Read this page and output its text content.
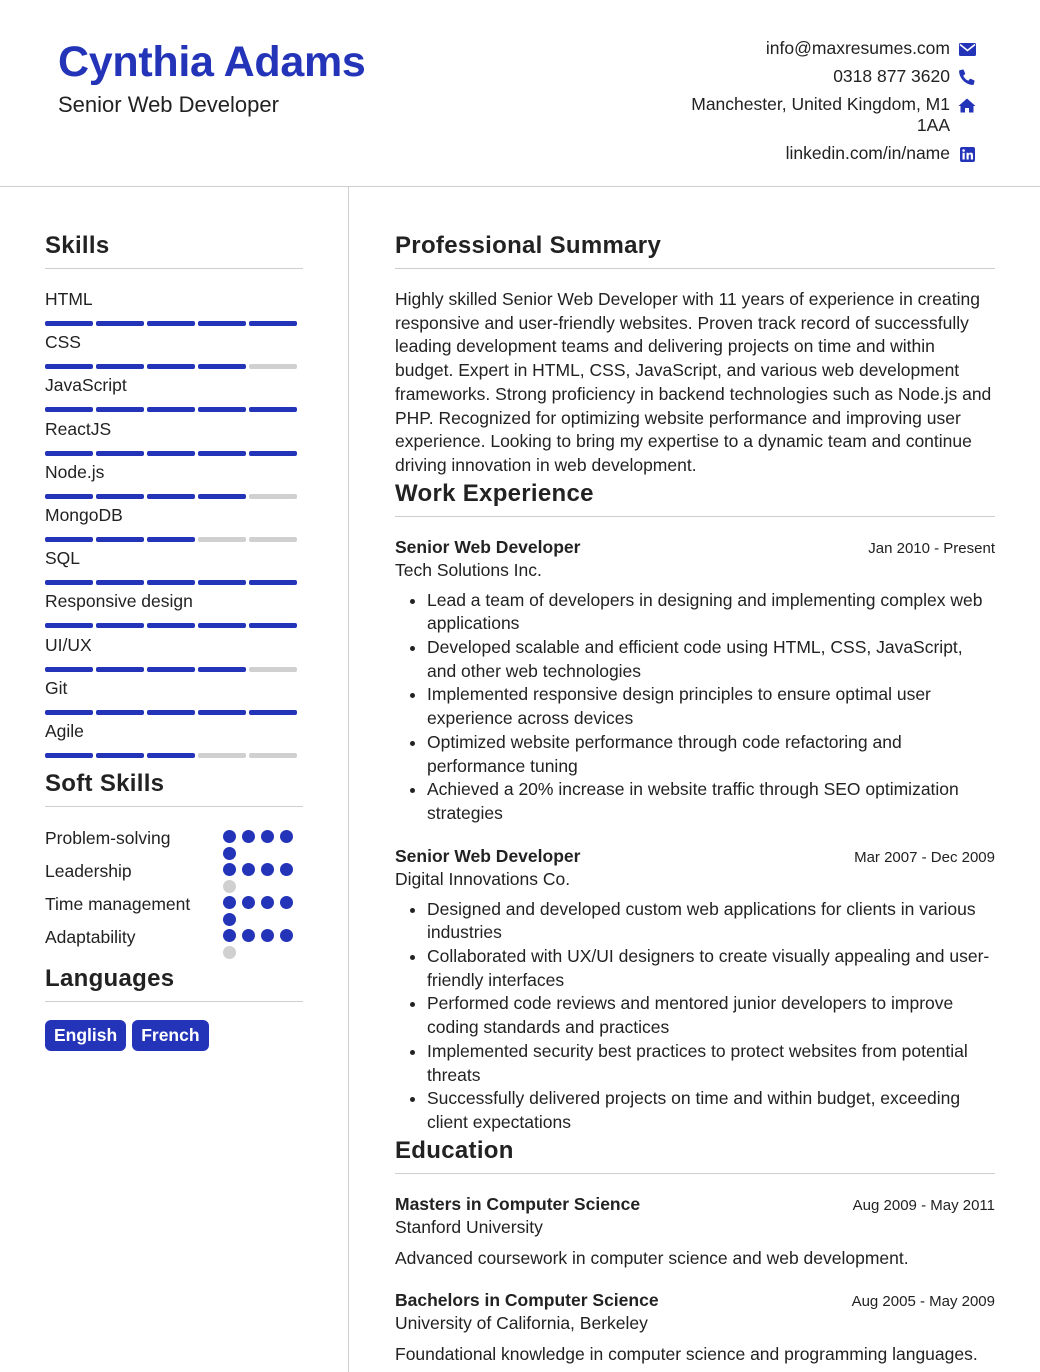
Cynthia Adams
Senior Web Developer
info@maxresumes.com
0318 877 3620
Manchester, United Kingdom, M1 1AA
linkedin.com/in/name
Skills
HTML
CSS
JavaScript
ReactJS
Node.js
MongoDB
SQL
Responsive design
UI/UX
Git
Agile
Soft Skills
Problem-solving
Leadership
Time management
Adaptability
Languages
English	French
Professional Summary
Highly skilled Senior Web Developer with 11 years of experience in creating responsive and user-friendly websites. Proven track record of successfully leading development teams and delivering projects on time and within budget. Expert in HTML, CSS, JavaScript, and various web development frameworks. Strong proficiency in backend technologies such as Node.js and PHP. Recognized for optimizing website performance and improving user experience. Looking to bring my expertise to a dynamic team and continue driving innovation in web development.
Work Experience
Senior Web Developer	Jan 2010 - Present
Tech Solutions Inc.
• Lead a team of developers in designing and implementing complex web applications
• Developed scalable and efficient code using HTML, CSS, JavaScript, and other web technologies
• Implemented responsive design principles to ensure optimal user experience across devices
• Optimized website performance through code refactoring and performance tuning
• Achieved a 20% increase in website traffic through SEO optimization strategies
Senior Web Developer	Mar 2007 - Dec 2009
Digital Innovations Co.
• Designed and developed custom web applications for clients in various industries
• Collaborated with UX/UI designers to create visually appealing and user-friendly interfaces
• Performed code reviews and mentored junior developers to improve coding standards and practices
• Implemented security best practices to protect websites from potential threats
• Successfully delivered projects on time and within budget, exceeding client expectations
Education
Masters in Computer Science	Aug 2009 - May 2011
Stanford University
Advanced coursework in computer science and web development.
Bachelors in Computer Science	Aug 2005 - May 2009
University of California, Berkeley
Foundational knowledge in computer science and programming languages.
